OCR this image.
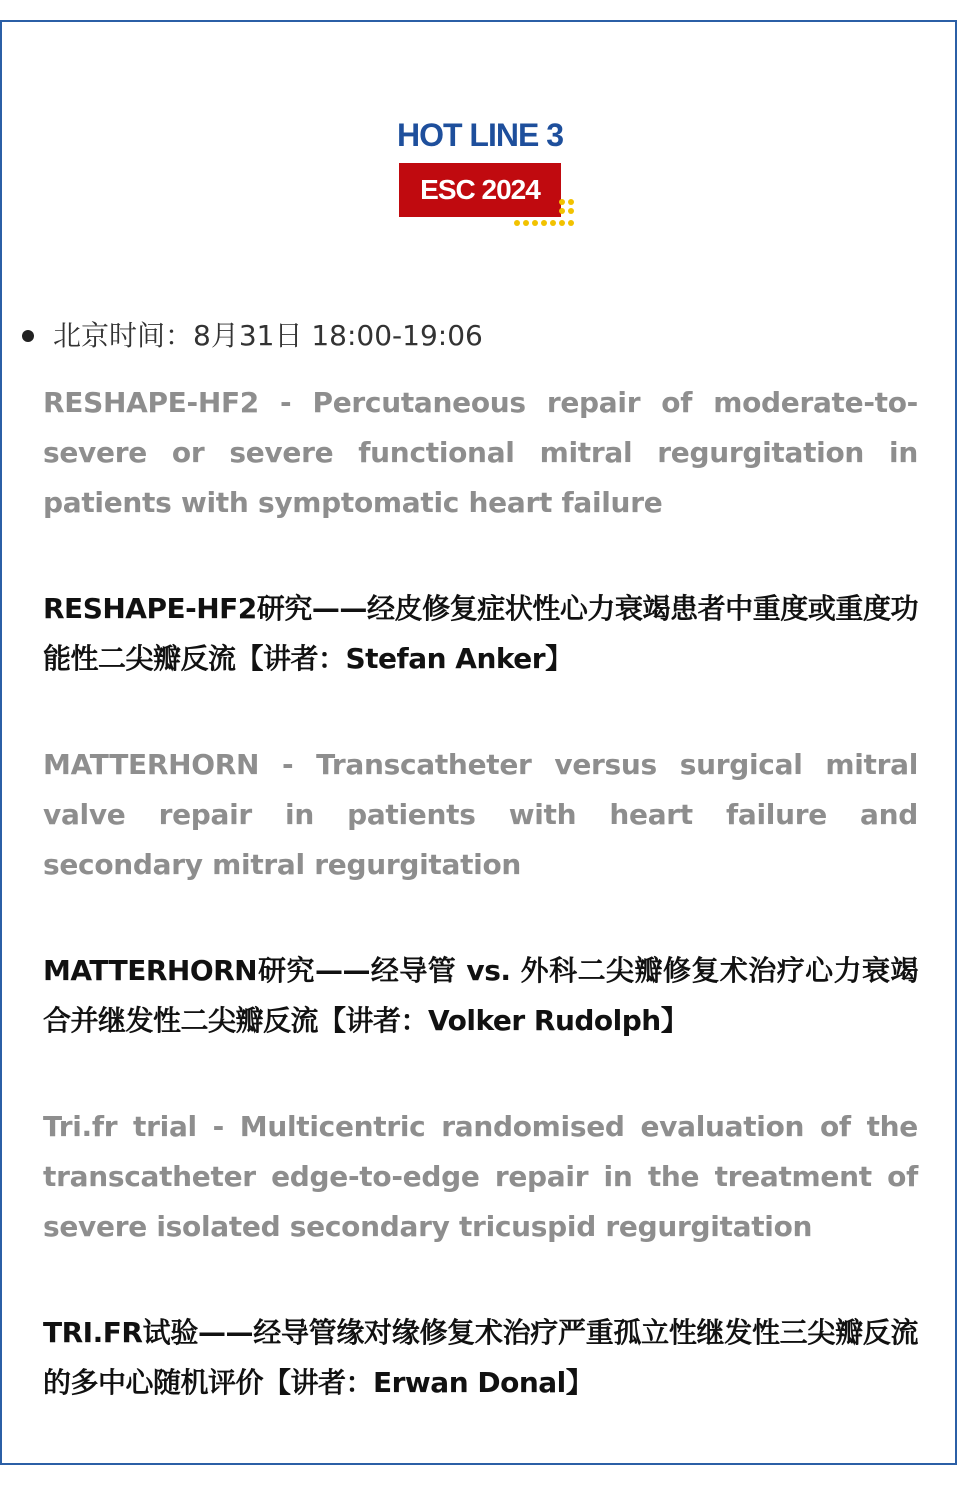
HOT LINE 3
ESC 2024
北京时间：8月31日 18:00-19:06
RESHAPE-HF2 - Percutaneous repair of moderate-to-severe or severe functional mitral regurgitation in patients with symptomatic heart failure
RESHAPE-HF2研究——经皮修复症状性心力衰竭患者中重度或重度功能性二尖瓣反流【讲者：Stefan Anker】
MATTERHORN - Transcatheter versus surgical mitral valve repair in patients with heart failure and secondary mitral regurgitation
MATTERHORN研究——经导管 vs. 外科二尖瓣修复术治疗心力衰竭合并继发性二尖瓣反流【讲者：Volker Rudolph】
Tri.fr trial - Multicentric randomised evaluation of the transcatheter edge-to-edge repair in the treatment of severe isolated secondary tricuspid regurgitation
TRI.FR试验——经导管缘对缘修复术治疗严重孤立性继发性三尖瓣反流的多中心随机评价【讲者：Erwan Donal】
